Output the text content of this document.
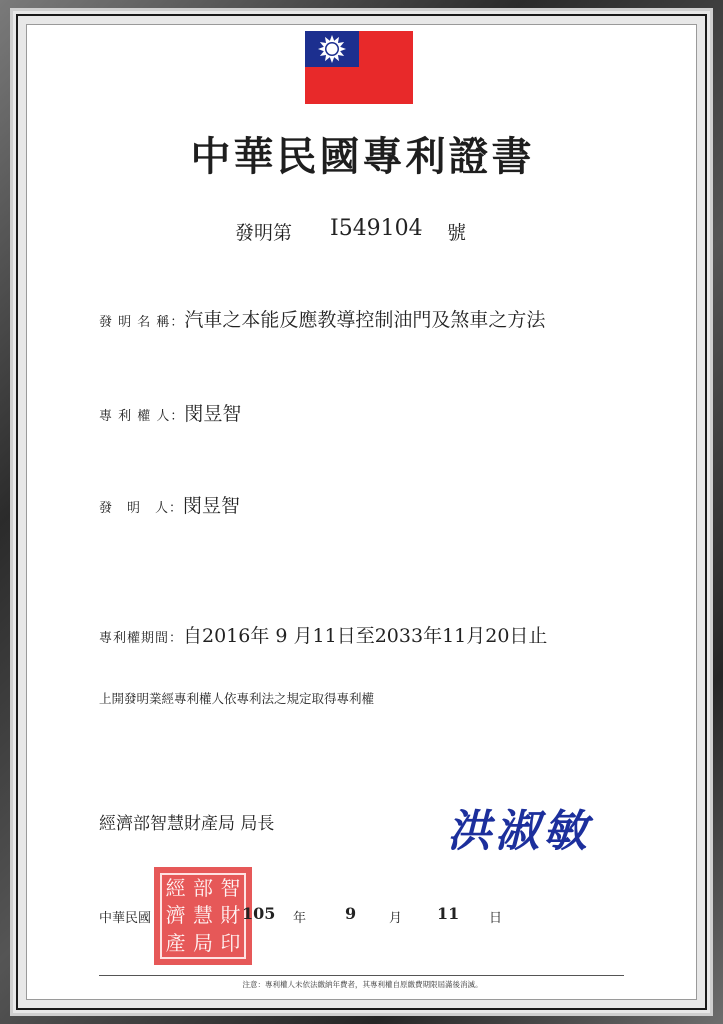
中華民國專利證書
發明第 I549104 號
發 明 名 稱： 汽車之本能反應教導控制油門及煞車之方法
專 利 權 人： 閔昱智
發　明　人： 閔昱智
專利權期間： 自2016年 9 月11日至2033年11月20日止
上開發明業經專利權人依專利法之規定取得專利權
經濟部智慧財產局 局長	洪淑敏
經 部 智
濟 慧 財
產 局 印
中華民國	105 年 9	月 11 日
注意：專利權人未依法繳納年費者，其專利權自原繳費期限屆滿後消滅。
